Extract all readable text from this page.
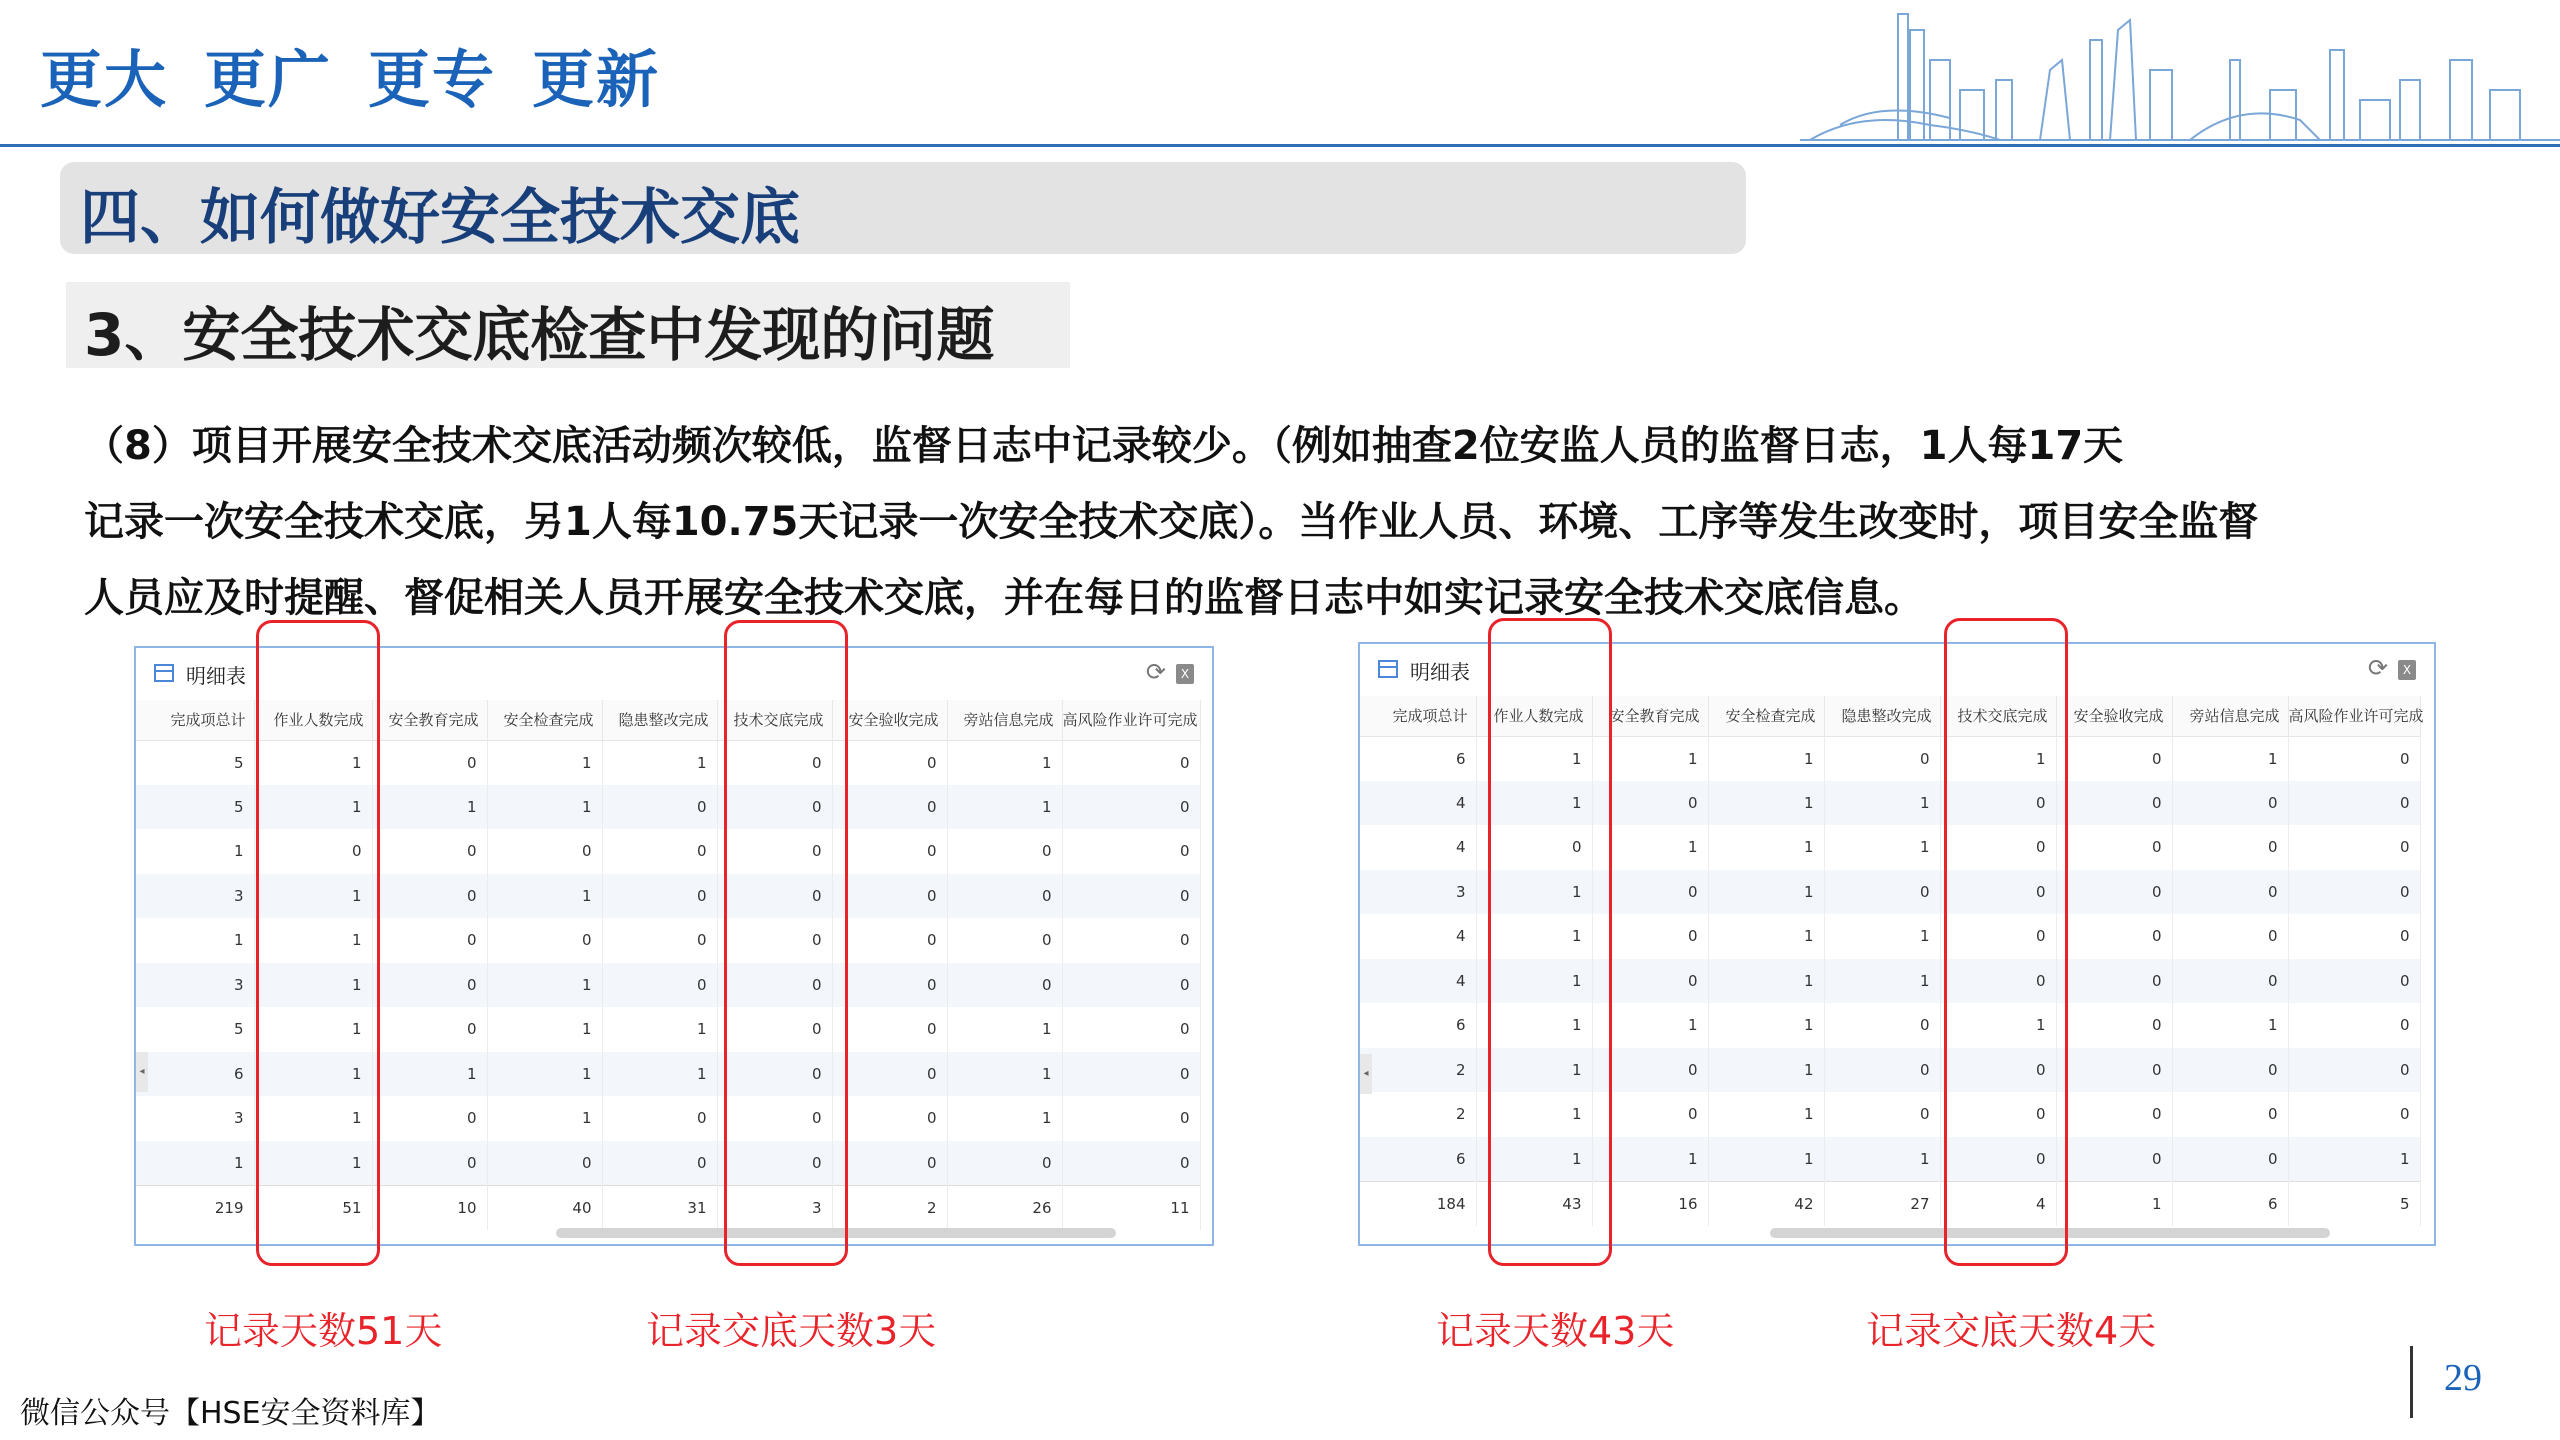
更大 更广 更专 更新
四、如何做好安全技术交底
3、安全技术交底检查中发现的问题
（8）项目开展安全技术交底活动频次较低，监督日志中记录较少。（例如抽查2位安监人员的监督日志，1人每17天
记录一次安全技术交底，另1人每10.75天记录一次安全技术交底）。当作业人员、环境、工序等发生改变时，项目安全监督
人员应及时提醒、督促相关人员开展安全技术交底，并在每日的监督日志中如实记录安全技术交底信息。
明细表	⟳	X
完成项总计	作业人数完成	安全教育完成	安全检查完成	隐患整改完成	技术交底完成	安全验收完成	旁站信息完成	高风险作业许可完成
5	1	0	1	1	0	0	1	0
5	1	1	1	0	0	0	1	0
1	0	0	0	0	0	0	0	0
3	1	0	1	0	0	0	0	0
1	1	0	0	0	0	0	0	0
3	1	0	1	0	0	0	0	0
5	1	0	1	1	0	0	1	0
6	1	1	1	1	0	0	1	0
3	1	0	1	0	0	0	1	0
1	1	0	0	0	0	0	0	0
219	51	10	40	31	3	2	26	11
◂
明细表	⟳	X
完成项总计	作业人数完成	安全教育完成	安全检查完成	隐患整改完成	技术交底完成	安全验收完成	旁站信息完成	高风险作业许可完成
6	1	1	1	0	1	0	1	0
4	1	0	1	1	0	0	0	0
4	0	1	1	1	0	0	0	0
3	1	0	1	0	0	0	0	0
4	1	0	1	1	0	0	0	0
4	1	0	1	1	0	0	0	0
6	1	1	1	0	1	0	1	0
2	1	0	1	0	0	0	0	0
2	1	0	1	0	0	0	0	0
6	1	1	1	1	0	0	0	1
184	43	16	42	27	4	1	6	5
◂
记录天数51天	记录交底天数3天	记录天数43天	记录交底天数4天
微信公众号【HSE安全资料库】
29
